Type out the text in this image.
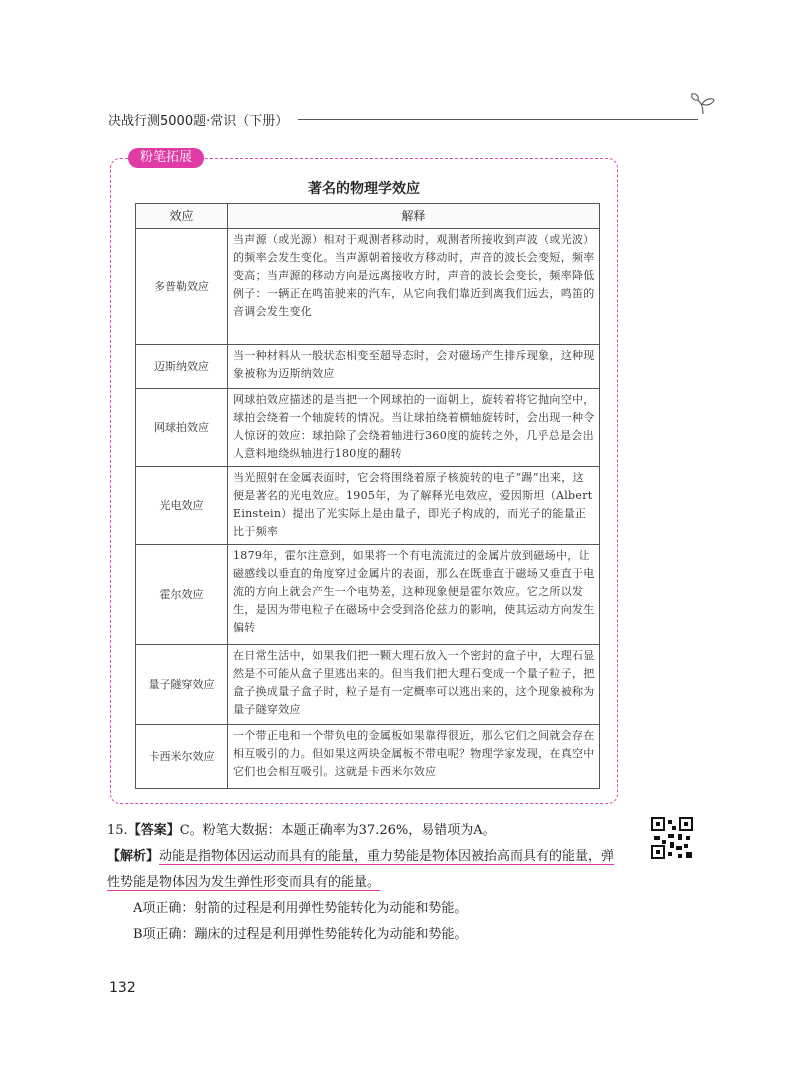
决战行测5000题·常识（下册）
粉笔拓展
著名的物理学效应
效应	解释
多普勒效应	当声源（或光源）相对于观测者移动时，观测者所接收到声波（或光波）的频率会发生变化。当声源朝着接收方移动时，声音的波长会变短，频率变高；当声源的移动方向是远离接收方时，声音的波长会变长，频率降低
例子：一辆正在鸣笛驶来的汽车，从它向我们靠近到离我们远去，鸣笛的音调会发生变化
迈斯纳效应	当一种材料从一般状态相变至超导态时，会对磁场产生排斥现象，这种现象被称为迈斯纳效应
网球拍效应	网球拍效应描述的是当把一个网球拍的一面朝上，旋转着将它抛向空中，球拍会绕着一个轴旋转的情况。当让球拍绕着横轴旋转时，会出现一种令人惊讶的效应：球拍除了会绕着轴进行360度的旋转之外，几乎总是会出人意料地绕纵轴进行180度的翻转
光电效应	当光照射在金属表面时，它会将围绕着原子核旋转的电子“踢”出来，这便是著名的光电效应。1905年，为了解释光电效应，爱因斯坦（Albert Einstein）提出了光实际上是由量子，即光子构成的，而光子的能量正比于频率
霍尔效应	1879年，霍尔注意到，如果将一个有电流流过的金属片放到磁场中，让磁感线以垂直的角度穿过金属片的表面，那么在既垂直于磁场又垂直于电流的方向上就会产生一个电势差，这种现象便是霍尔效应。它之所以发生，是因为带电粒子在磁场中会受到洛伦兹力的影响，使其运动方向发生偏转
量子隧穿效应	在日常生活中，如果我们把一颗大理石放入一个密封的盒子中，大理石显然是不可能从盒子里逃出来的。但当我们把大理石变成一个量子粒子，把盒子换成量子盒子时，粒子是有一定概率可以逃出来的，这个现象被称为量子隧穿效应
卡西米尔效应	一个带正电和一个带负电的金属板如果靠得很近，那么它们之间就会存在相互吸引的力。但如果这两块金属板不带电呢？物理学家发现，在真空中它们也会相互吸引。这就是卡西米尔效应

15.【答案】C。粉笔大数据：本题正确率为37.26%，易错项为A。

【解析】动能是指物体因运动而具有的能量，重力势能是物体因被抬高而具有的能量，弹性势能是物体因为发生弹性形变而具有的能量。

A项正确：射箭的过程是利用弹性势能转化为动能和势能。

B项正确：蹦床的过程是利用弹性势能转化为动能和势能。

132
